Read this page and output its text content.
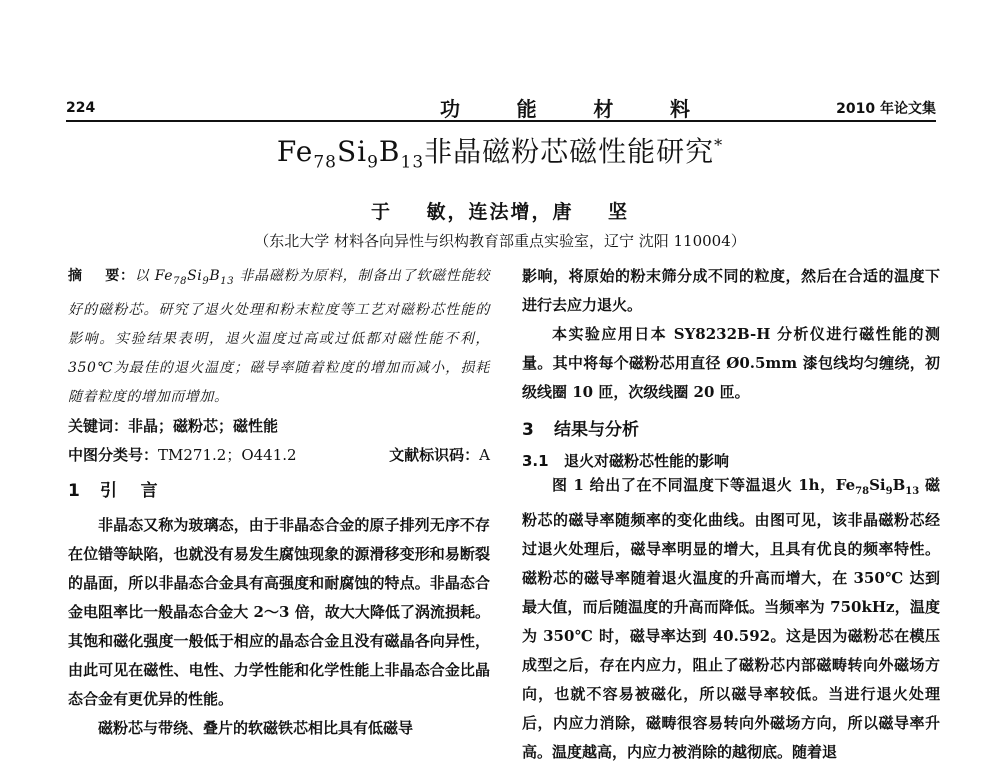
224	功	能	材	料	2010 年论文集
$Fe_{78}Si_9B_{13}$非晶磁粉芯磁性能研究*
于    敏，连法增，唐    坚
（东北大学 材料各向异性与织构教育部重点实验室，辽宁 沈阳 110004）

摘    要：以 $Fe_{78}Si_9B_{13}$ 非晶磁粉为原料，制备出了软磁性能较好的磁粉芯。研究了退火处理和粉末粒度等工艺对磁粉芯性能的影响。实验结果表明，退火温度过高或过低都对磁性能不利，350℃为最佳的退火温度；磁导率随着粒度的增加而减小，损耗随着粒度的增加而增加。

关键词：非晶；磁粉芯；磁性能

中图分类号：TM271.2；O441.2	文献标识码：A
1 引    言

非晶态又称为玻璃态，由于非晶态合金的原子排列无序不存在位错等缺陷，也就没有易发生腐蚀现象的源滑移变形和易断裂的晶面，所以非晶态合金具有高强度和耐腐蚀的特点。非晶态合金电阻率比一般晶态合金大 2～3 倍，故大大降低了涡流损耗。其饱和磁化强度一般低于相应的晶态合金且没有磁晶各向异性，由此可见在磁性、电性、力学性能和化学性能上非晶态合金比晶态合金有更优异的性能。

磁粉芯与带绕、叠片的软磁铁芯相比具有低磁导

影响，将原始的粉末筛分成不同的粒度，然后在合适的温度下进行去应力退火。

本实验应用日本 SY8232B-H 分析仪进行磁性能的测量。其中将每个磁粉芯用直径 Ø0.5mm 漆包线均匀缠绕，初级线圈 10 匝，次级线圈 20 匝。

3 结果与分析
3.1 退火对磁粉芯性能的影响

图 1 给出了在不同温度下等温退火 1h，$Fe_{78}Si_9B_{13}$ 磁粉芯的磁导率随频率的变化曲线。由图可见，该非晶磁粉芯经过退火处理后，磁导率明显的增大，且具有优良的频率特性。磁粉芯的磁导率随着退火温度的升高而增大，在 350℃ 达到最大值，而后随温度的升高而降低。当频率为 750kHz，温度为 350℃ 时，磁导率达到 40.592。这是因为磁粉芯在模压成型之后，存在内应力，阻止了磁粉芯内部磁畴转向外磁场方向，也就不容易被磁化，所以磁导率较低。当进行退火处理后，内应力消除，磁畴很容易转向外磁场方向，所以磁导率升高。温度越高，内应力被消除的越彻底。随着退
